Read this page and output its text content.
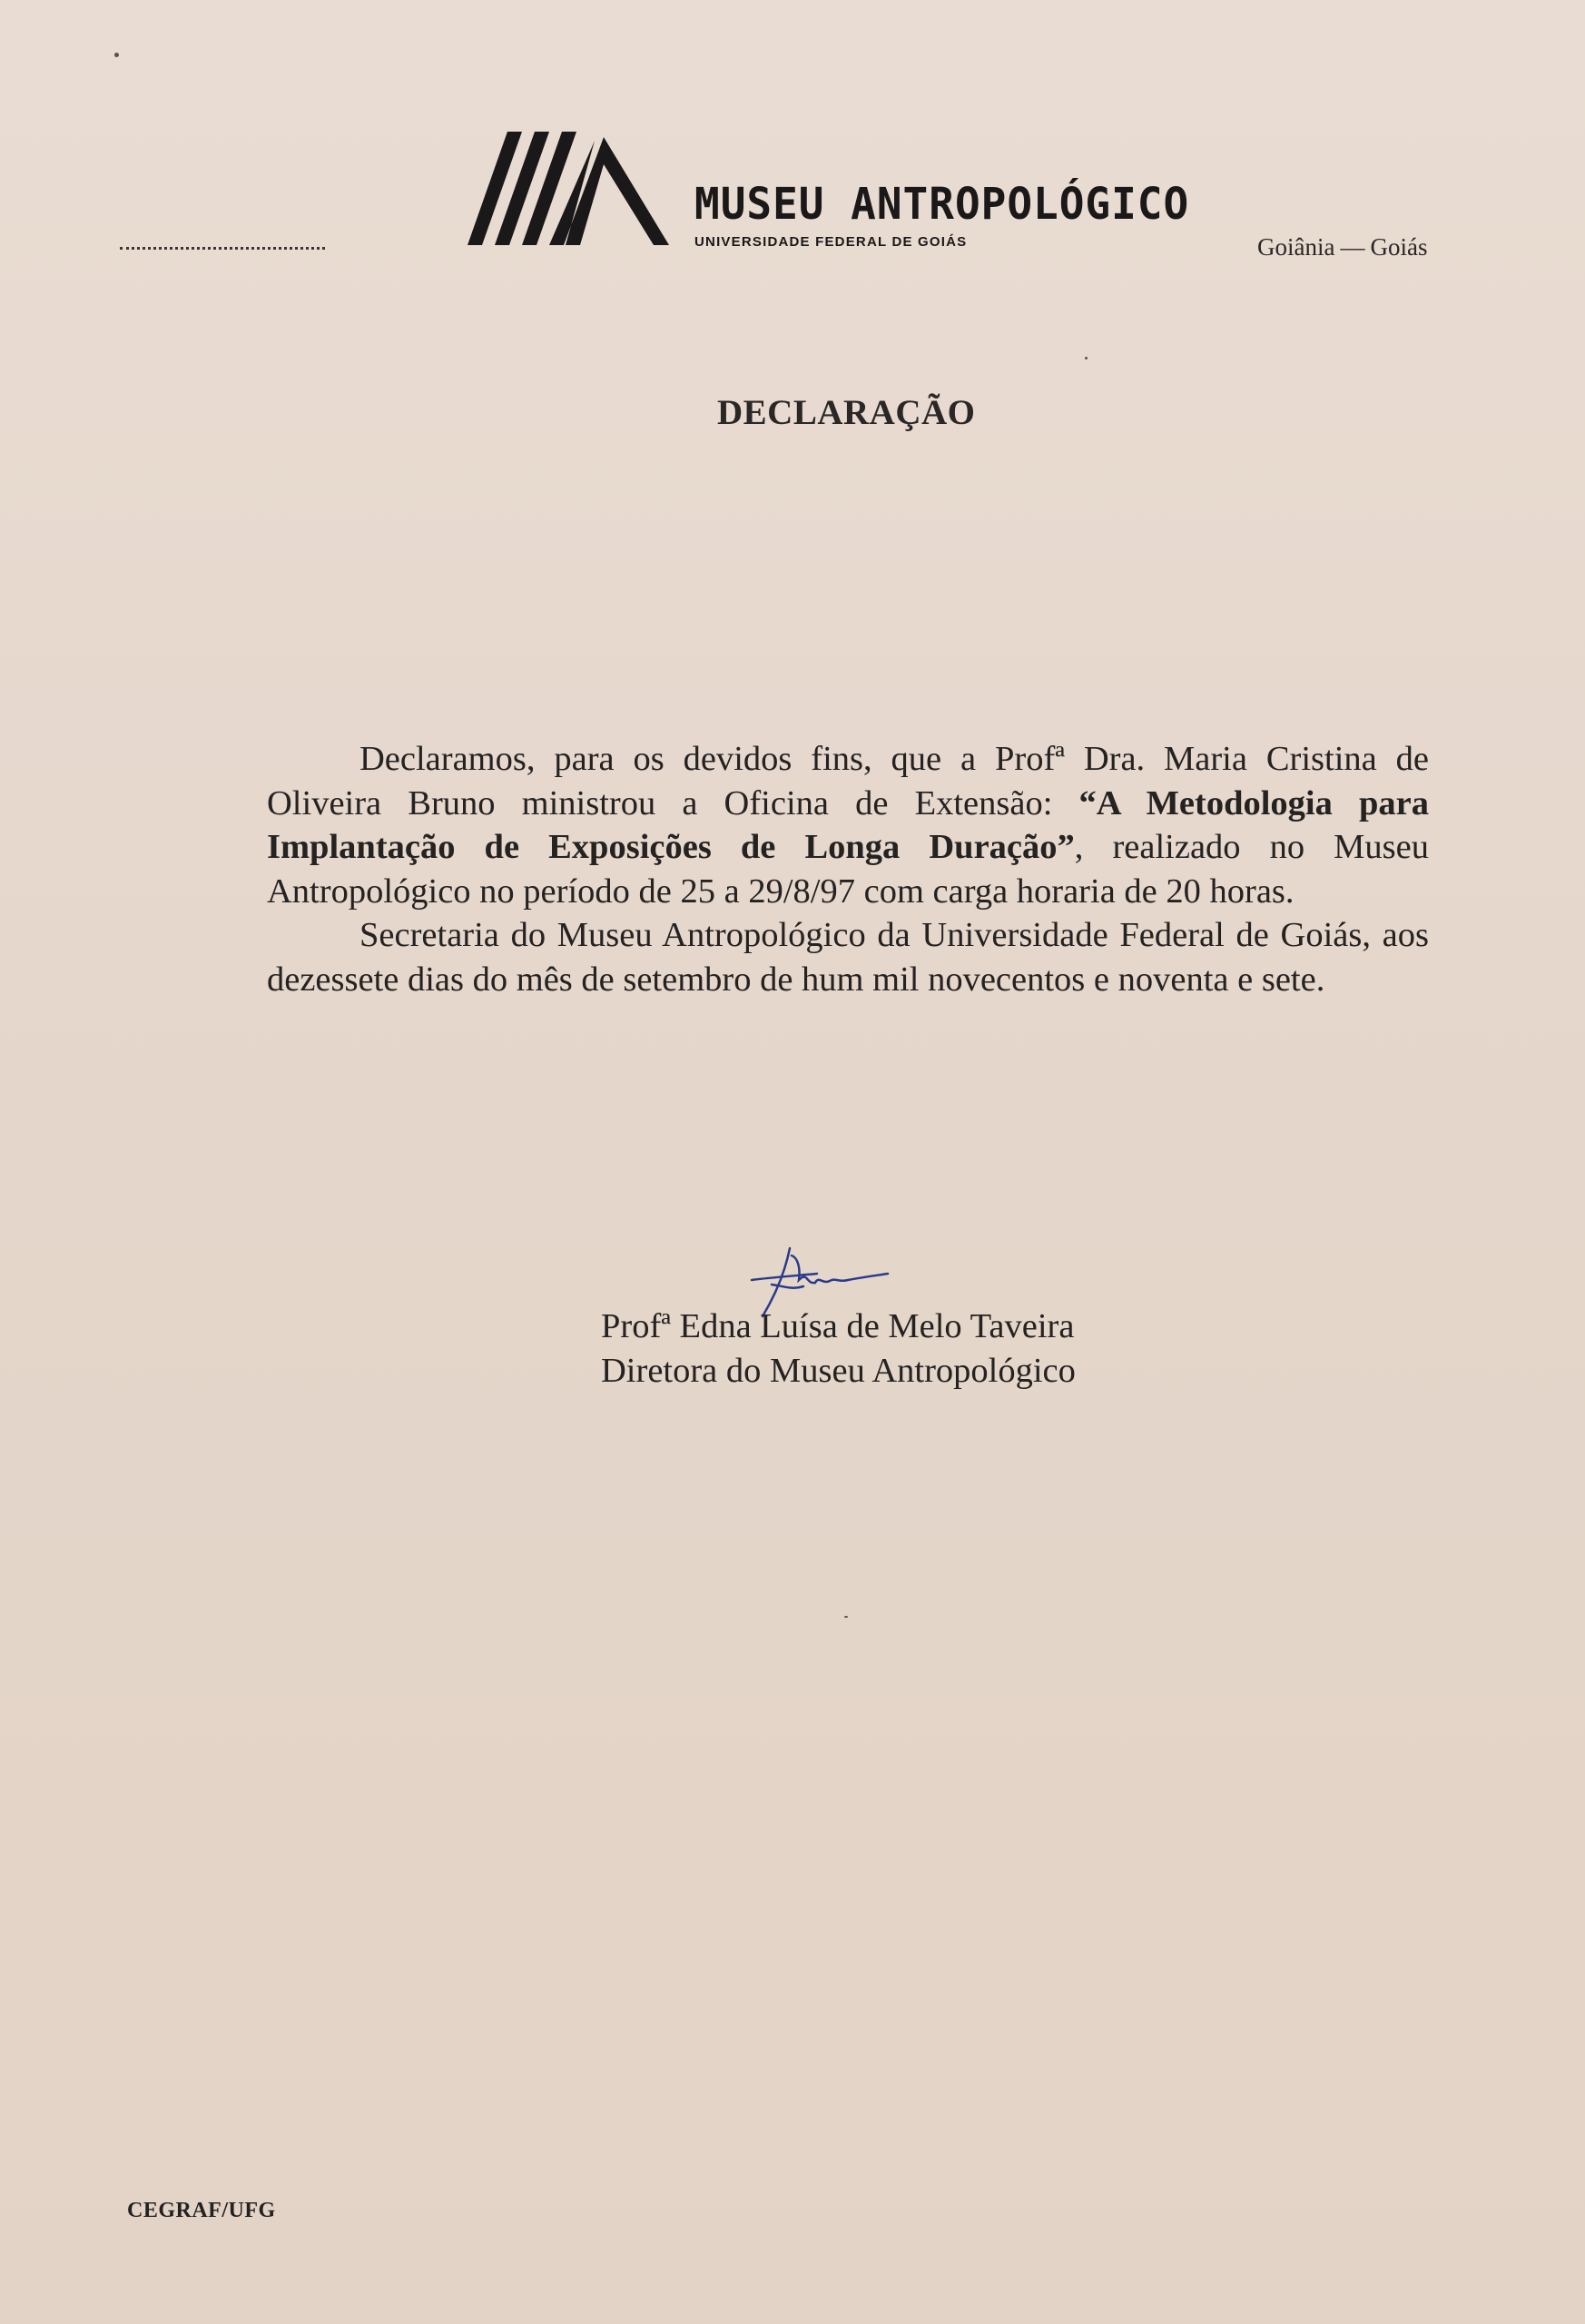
MUSEU ANTROPOLÓGICO
UNIVERSIDADE FEDERAL DE GOIÁS	Goiânia — Goiás
DECLARAÇÃO

Declaramos, para os devidos fins, que a Profª Dra. Maria Cristina de Oliveira Bruno ministrou a Oficina de Extensão: “A Metodologia para Implantação de Exposições de Longa Duração”, realizado no Museu Antropológico no período de 25 a 29/8/97 com carga horaria de 20 horas.

Secretaria do Museu Antropológico da Universidade Federal de Goiás, aos dezessete dias do mês de setembro de hum mil novecentos e noventa e sete.

Profª Edna Luísa de Melo Taveira
Diretora do Museu Antropológico
CEGRAF/UFG
